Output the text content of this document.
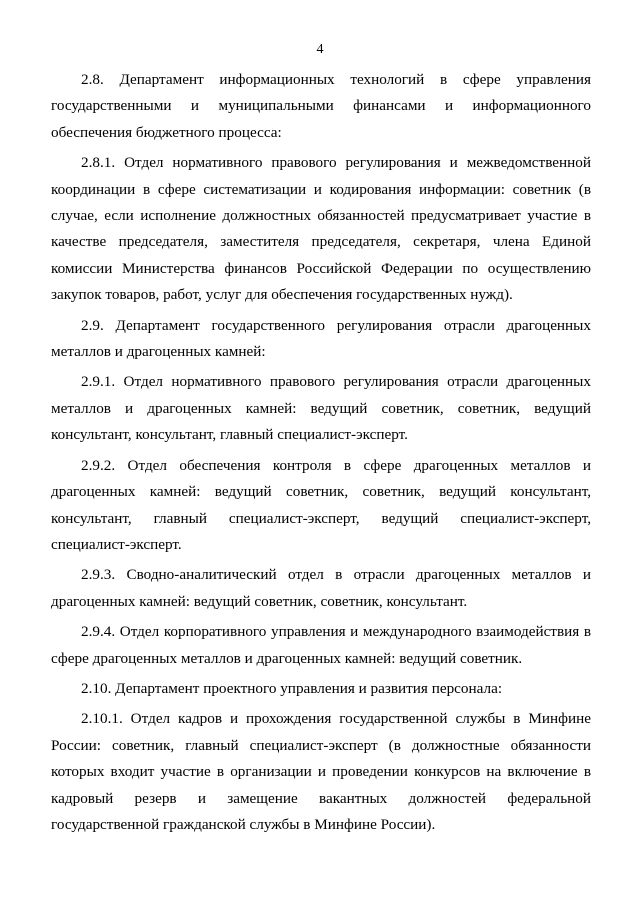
4

2.8. Департамент информационных технологий в сфере управления государственными и муниципальными финансами и информационного обеспечения бюджетного процесса:

2.8.1. Отдел нормативного правового регулирования и межведомственной координации в сфере систематизации и кодирования информации: советник (в случае, если исполнение должностных обязанностей предусматривает участие в качестве председателя, заместителя председателя, секретаря, члена Единой комиссии Министерства финансов Российской Федерации по осуществлению закупок товаров, работ, услуг для обеспечения государственных нужд).

2.9. Департамент государственного регулирования отрасли драгоценных металлов и драгоценных камней:

2.9.1. Отдел нормативного правового регулирования отрасли драгоценных металлов и драгоценных камней: ведущий советник, советник, ведущий консультант, консультант, главный специалист-эксперт.

2.9.2. Отдел обеспечения контроля в сфере драгоценных металлов и драгоценных камней: ведущий советник, советник, ведущий консультант, консультант, главный специалист-эксперт, ведущий специалист-эксперт, специалист-эксперт.

2.9.3. Сводно-аналитический отдел в отрасли драгоценных металлов и драгоценных камней: ведущий советник, советник, консультант.

2.9.4. Отдел корпоративного управления и международного взаимодействия в сфере драгоценных металлов и драгоценных камней: ведущий советник.

2.10. Департамент проектного управления и развития персонала:

2.10.1. Отдел кадров и прохождения государственной службы в Минфине России: советник, главный специалист-эксперт (в должностные обязанности которых входит участие в организации и проведении конкурсов на включение в кадровый резерв и замещение вакантных должностей федеральной государственной гражданской службы в Минфине России).
